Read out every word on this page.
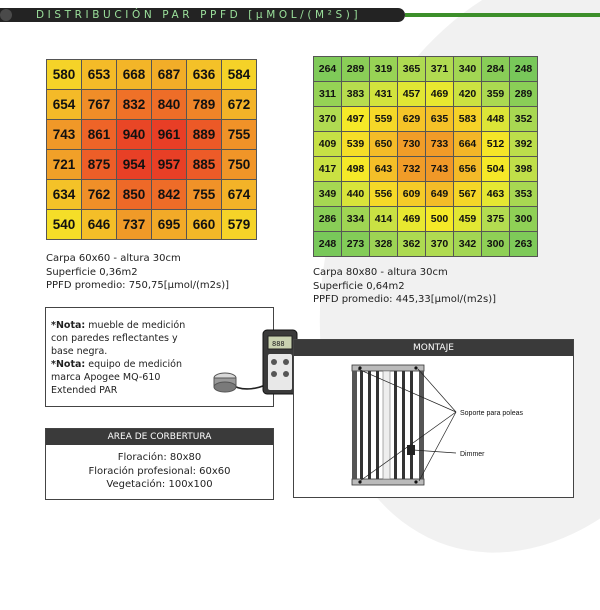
DISTRIBUCIÓN PAR PPFD [µMOL/(M²S)]
580	653	668	687	636	584
654	767	832	840	789	672
743	861	940	961	889	755
721	875	954	957	885	750
634	762	850	842	755	674
540	646	737	695	660	579
Carpa 60x60 - altura 30cm
Superficie 0,36m2
PPFD promedio: 750,75[µmol/(m2s)]
264	289	319	365	371	340	284	248
311	383	431	457	469	420	359	289
370	497	559	629	635	583	448	352
409	539	650	730	733	664	512	392
417	498	643	732	743	656	504	398
349	440	556	609	649	567	463	353
286	334	414	469	500	459	375	300
248	273	328	362	370	342	300	263
Carpa 80x80 - altura 30cm
Superficie 0,64m2
PPFD promedio: 445,33[µmol/(m2s)]
*Nota: mueble de medición con paredes reflectantes y base negra.
*Nota: equipo de medición marca Apogee MQ-610 Extended PAR
888
AREA DE CORBERTURA
Floración: 80x80
Floración profesional: 60x60
Vegetación: 100x100
MONTAJE
Soporte para poleas
Dimmer
